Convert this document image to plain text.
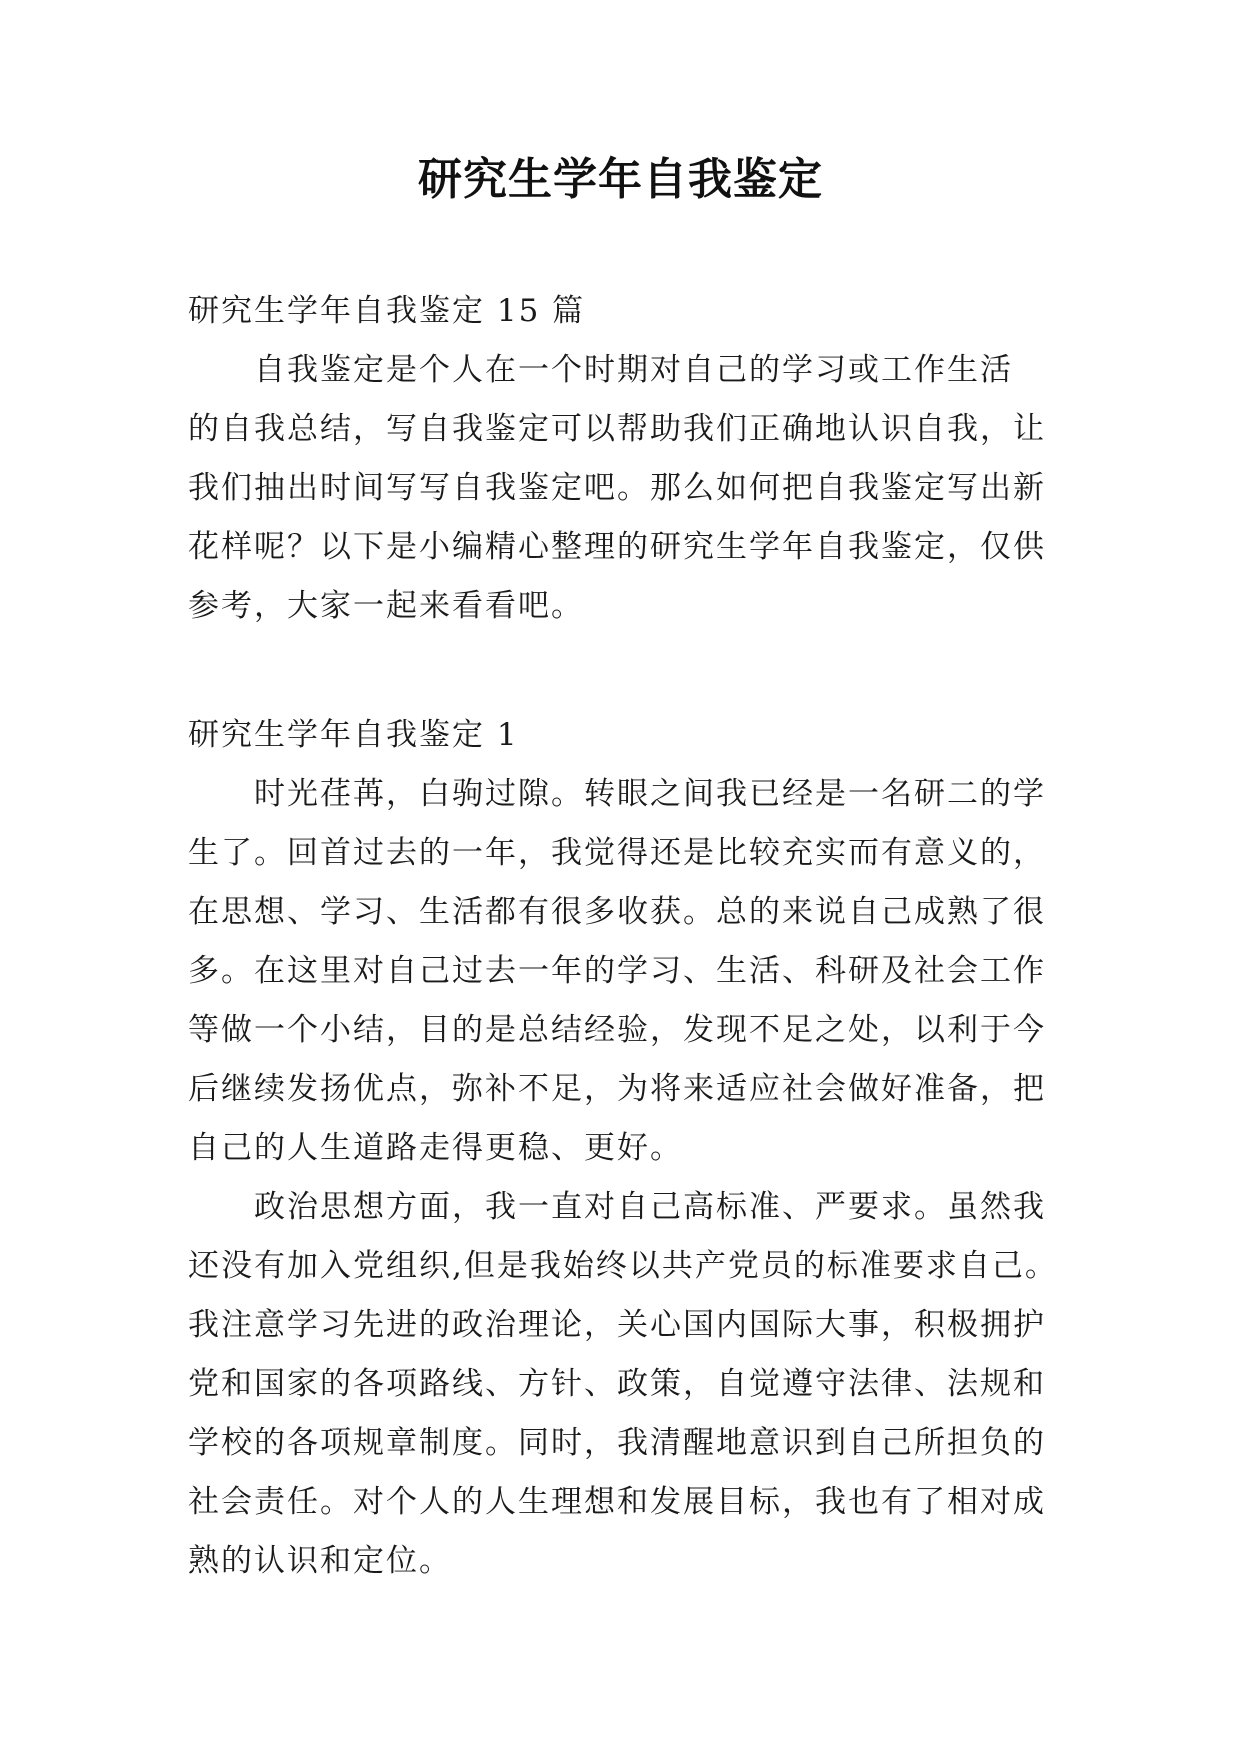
研究生学年自我鉴定

研究生学年自我鉴定 15 篇

　　自我鉴定是个人在一个时期对自己的学习或工作生活

的自我总结，写自我鉴定可以帮助我们正确地认识自我，让

我们抽出时间写写自我鉴定吧。那么如何把自我鉴定写出新

花样呢？以下是小编精心整理的研究生学年自我鉴定，仅供

参考，大家一起来看看吧。

研究生学年自我鉴定 1

　　时光荏苒，白驹过隙。转眼之间我已经是一名研二的学

生了。回首过去的一年，我觉得还是比较充实而有意义的，

在思想、学习、生活都有很多收获。总的来说自己成熟了很

多。在这里对自己过去一年的学习、生活、科研及社会工作

等做一个小结，目的是总结经验，发现不足之处，以利于今

后继续发扬优点，弥补不足，为将来适应社会做好准备，把

自己的人生道路走得更稳、更好。

　　政治思想方面，我一直对自己高标准、严要求。虽然我

还没有加入党组织,但是我始终以共产党员的标准要求自己。

我注意学习先进的政治理论，关心国内国际大事，积极拥护

党和国家的各项路线、方针、政策，自觉遵守法律、法规和

学校的各项规章制度。同时，我清醒地意识到自己所担负的

社会责任。对个人的人生理想和发展目标，我也有了相对成

熟的认识和定位。
